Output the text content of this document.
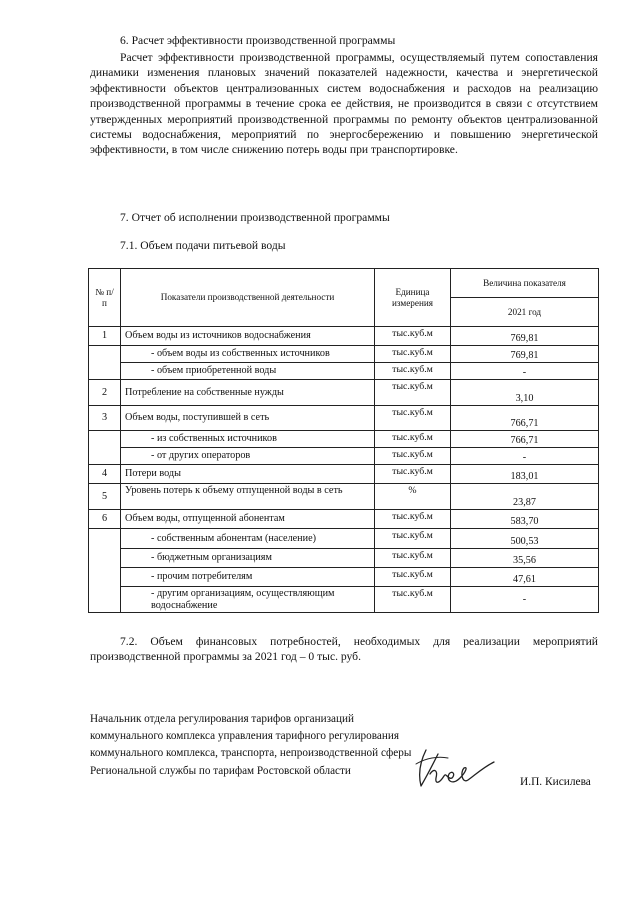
6. Расчет эффективности производственной программы

Расчет эффективности производственной программы, осуществляемый путем сопоставления динамики изменения плановых значений показателей надежности, качества и энергетической эффективности объектов централизованных систем водоснабжения и расходов на реализацию производственной программы в течение срока ее действия, не производится в связи с отсутствием утвержденных мероприятий производственной программы по ремонту объектов централизованной системы водоснабжения, мероприятий по энергосбережению и повышению энергетической эффективности, в том числе снижению потерь воды при транспортировке.

7. Отчет об исполнении производственной программы
7.1. Объем подачи питьевой воды
№ п/п	Показатели производственной деятельности	Единица измерения	Величина показателя
			2021 год
1	Объем воды из источников водоснабжения	тыс.куб.м	769,81
	- объем воды из собственных источников	тыс.куб.м	769,81
	- объем приобретенной воды	тыс.куб.м	-
2	Потребление на собственные нужды	тыс.куб.м	3,10
3	Объем воды, поступившей в сеть	тыс.куб.м	766,71
	- из собственных источников	тыс.куб.м	766,71
	- от других операторов	тыс.куб.м	-
4	Потери воды	тыс.куб.м	183,01
5	Уровень потерь к объему отпущенной воды в сеть	%	23,87
6	Объем воды, отпущенной абонентам	тыс.куб.м	583,70
	- собственным абонентам (население)	тыс.куб.м	500,53
	- бюджетным организациям	тыс.куб.м	35,56
	- прочим потребителям	тыс.куб.м	47,61
	- другим организациям, осуществляющим водоснабжение	тыс.куб.м	-

7.2. Объем финансовых потребностей, необходимых для реализации мероприятий производственной программы за 2021 год – 0 тыс. руб.

Начальник отдела регулирования тарифов организаций коммунального комплекса управления тарифного регулирования коммунального комплекса, транспорта, непроизводственной сферы Региональной службы по тарифам Ростовской области
И.П. Кисилева
